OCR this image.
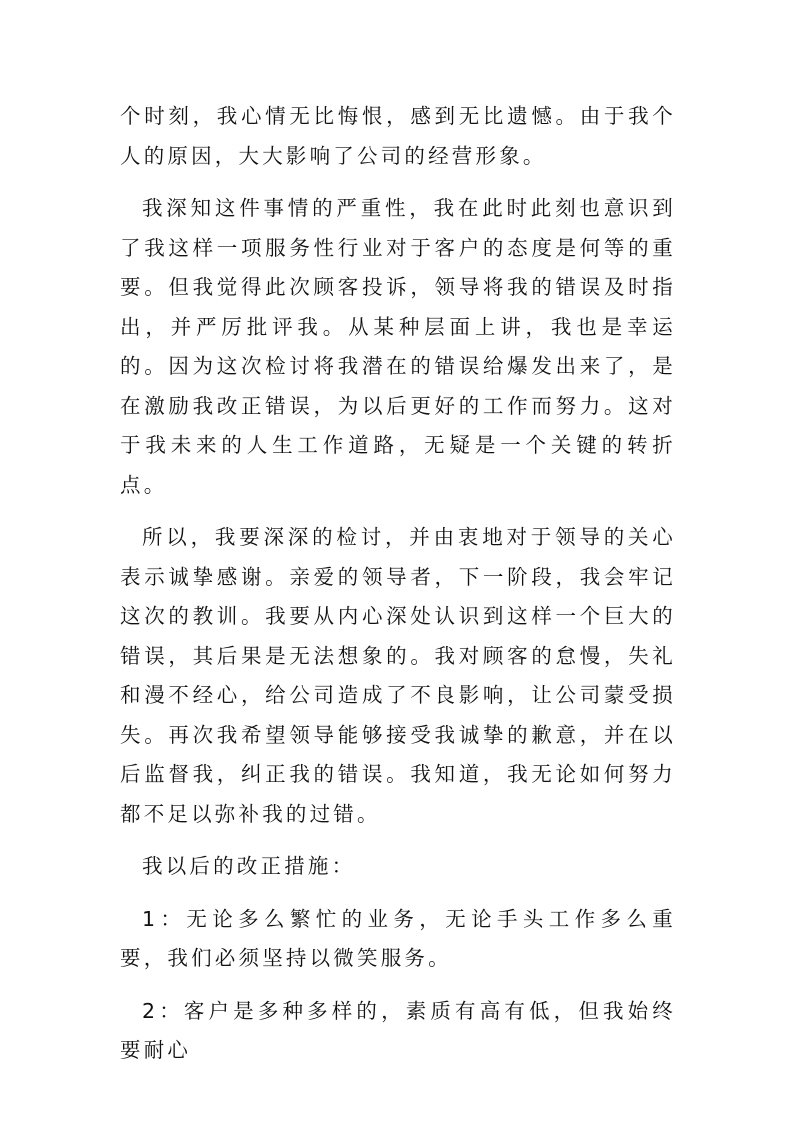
个时刻，我心情无比悔恨，感到无比遗憾。由于我个人的原因，大大影响了公司的经营形象。

我深知这件事情的严重性，我在此时此刻也意识到了我这样一项服务性行业对于客户的态度是何等的重要。但我觉得此次顾客投诉，领导将我的错误及时指出，并严厉批评我。从某种层面上讲，我也是幸运的。因为这次检讨将我潜在的错误给爆发出来了，是在激励我改正错误，为以后更好的工作而努力。这对于我未来的人生工作道路，无疑是一个关键的转折点。

所以，我要深深的检讨，并由衷地对于领导的关心表示诚挚感谢。亲爱的领导者，下一阶段，我会牢记这次的教训。我要从内心深处认识到这样一个巨大的错误，其后果是无法想象的。我对顾客的怠慢，失礼和漫不经心，给公司造成了不良影响，让公司蒙受损失。再次我希望领导能够接受我诚挚的歉意，并在以后监督我，纠正我的错误。我知道，我无论如何努力都不足以弥补我的过错。

我以后的改正措施：

1：无论多么繁忙的业务，无论手头工作多么重要，我们必须坚持以微笑服务。

2：客户是多种多样的，素质有高有低，但我始终要耐心
